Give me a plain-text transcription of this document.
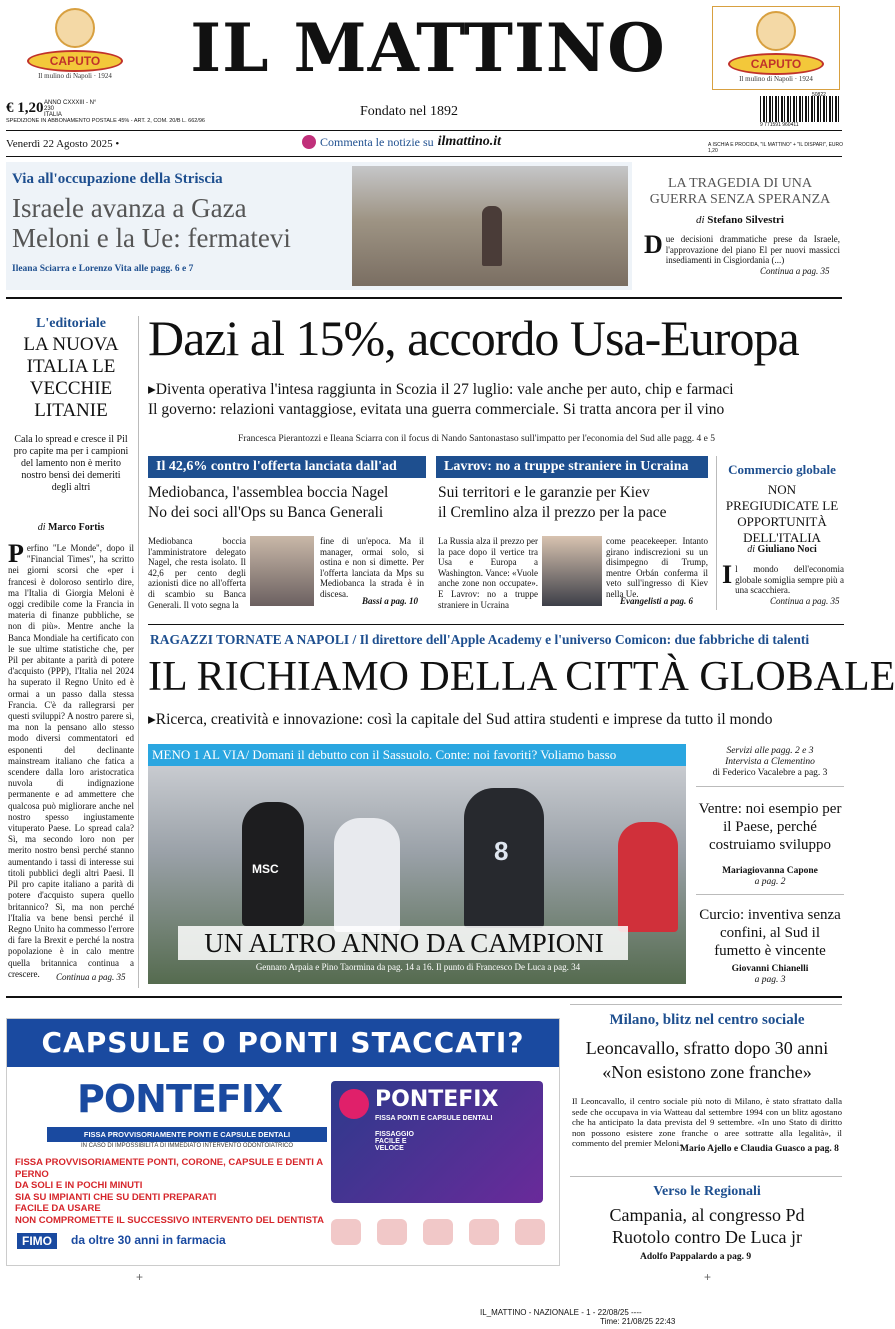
CAPUTO
Il mulino di Napoli · 1924	IL MATTINO	CAPUTO
Il mulino di Napoli · 1924
€ 1,20 ANNO CXXXIII - N° 230
ITALIA
SPEDIZIONE IN ABBONAMENTO POSTALE 45% - ART. 2, COM. 20/B L. 662/96
Fondato nel 1892
9 771591 960411
50822
Venerdì 22 Agosto 2025 •	Commenta le notizie su ilmattino.it	A ISCHIA E PROCIDA, "IL MATTINO" + "IL DISPARI", EURO 1,20
Via all'occupazione della Striscia
Israele avanza a Gaza
Meloni e la Ue: fermatevi
Ileana Sciarra e Lorenzo Vita alle pagg. 6 e 7
LA TRAGEDIA DI UNA GUERRA SENZA SPERANZA
di Stefano Silvestri
Due decisioni drammatiche prese da Israele, l'approvazione del piano El per nuovi massicci insediamenti in Cisgiordania (...)
Continua a pag. 35
L'editoriale
LA NUOVA ITALIA LE VECCHIE LITANIE
Cala lo spread e cresce il Pil pro capite ma per i campioni del lamento non è merito nostro bensì dei demeriti degli altri
di Marco Fortis
Perfino "Le Monde", dopo il "Financial Times", ha scritto nei giorni scorsi che «per i francesi è doloroso sentirlo dire, ma l'Italia di Giorgia Meloni è oggi credibile come la Francia in materia di finanze pubbliche, se non di più». Mentre anche la Banca Mondiale ha certificato con le sue ultime statistiche che, per Pil per abitante a parità di potere d'acquisto (PPP), l'Italia nel 2024 ha superato il Regno Unito ed è ormai a un passo dalla stessa Francia. C'è da rallegrarsi per questi sviluppi? A nostro parere sì, ma non la pensano allo stesso modo diversi commentatori ed esponenti del declinante mainstream italiano che fatica a scendere dalla loro aristocratica nuvola di indignazione permanente e ad ammettere che qualcosa può migliorare anche nel nostro spesso ingiustamente vituperato Paese. Lo spread cala? Sì, ma secondo loro non per merito nostro bensì perché stanno aumentando i tassi di interesse sui titoli pubblici degli altri Paesi. Il Pil pro capite italiano a parità di potere d'acquisto supera quello britannico? Sì, ma non perché l'Italia va bene bensì perché il Regno Unito ha commesso l'errore di fare la Brexit e perché la nostra popolazione è in calo mentre quella britannica continua a crescere.	Continua a pag. 35
Dazi al 15%, accordo Usa-Europa
▸Diventa operativa l'intesa raggiunta in Scozia il 27 luglio: vale anche per auto, chip e farmaci
Il governo: relazioni vantaggiose, evitata una guerra commerciale. Si tratta ancora per il vino
Francesca Pierantozzi e Ileana Sciarra con il focus di Nando Santonastaso sull'impatto per l'economia del Sud alle pagg. 4 e 5
Il 42,6% contro l'offerta lanciata dall'ad
Mediobanca, l'assemblea boccia Nagel
No dei soci all'Ops su Banca Generali
Mediobanca boccia l'amministratore delegato Nagel, che resta isolato. Il 42,6 per cento degli azionisti dice no all'offerta di scambio su Banca Generali. Il voto segna la
fine di un'epoca. Ma il manager, ormai solo, si ostina e non si dimette. Per l'offerta lanciata da Mps su Mediobanca la strada è in discesa.
Bassi a pag. 10
Lavrov: no a truppe straniere in Ucraina
Sui territori e le garanzie per Kiev
il Cremlino alza il prezzo per la pace
La Russia alza il prezzo per la pace dopo il vertice tra Usa e Europa a Washington. Vance: «Vuole anche zone non occupate». E Lavrov: no a truppe straniere in Ucraina
come peacekeeper. Intanto girano indiscrezioni su un disimpegno di Trump, mentre Orbán conferma il veto sull'ingresso di Kiev nella Ue.
Evangelisti a pag. 6
Commercio globale
NON PREGIUDICATE LE OPPORTUNITÀ DELL'ITALIA
di Giuliano Noci
Il mondo dell'economia globale somiglia sempre più a una scacchiera.
Continua a pag. 35
RAGAZZI TORNATE A NAPOLI / Il direttore dell'Apple Academy e l'universo Comicon: due fabbriche di talenti
IL RICHIAMO DELLA CITTÀ GLOBALE
▸Ricerca, creatività e innovazione: così la capitale del Sud attira studenti e imprese da tutto il mondo
MENO 1 AL VIA/ Domani il debutto con il Sassuolo. Conte: noi favoriti? Voliamo basso
MSC
8
UN ALTRO ANNO DA CAMPIONI
Gennaro Arpaia e Pino Taormina da pag. 14 a 16. Il punto di Francesco De Luca a pag. 34
Servizi alle pagg. 2 e 3
Intervista a Clementino
di Federico Vacalebre a pag. 3
Ventre: noi esempio per il Paese, perché costruiamo sviluppo
Mariagiovanna Capone
a pag. 2
Curcio: inventiva senza confini, al Sud il fumetto è vincente
Giovanni Chianelli
a pag. 3
CAPSULE O PONTI STACCATI?
PONTEFIX
FISSA PROVVISORIAMENTE PONTI E CAPSULE DENTALI
IN CASO DI IMPOSSIBILITÀ DI IMMEDIATO INTERVENTO ODONTOIATRICO
FISSA PROVVISORIAMENTE PONTI, CORONE, CAPSULE E DENTI A PERNO
DA SOLI E IN POCHI MINUTI
SIA SU IMPIANTI CHE SU DENTI PREPARATI
FACILE DA USARE
NON COMPROMETTE IL SUCCESSIVO INTERVENTO DEL DENTISTA
FIMO	da oltre 30 anni in farmacia
PONTEFIX
FISSA PONTI E CAPSULE DENTALI
FISSAGGIO FACILE E VELOCE
Milano, blitz nel centro sociale
Leoncavallo, sfratto dopo 30 anni
«Non esistono zone franche»
Il Leoncavallo, il centro sociale più noto di Milano, è stato sfrattato dalla sede che occupava in via Watteau dal settembre 1994 con un blitz agostano che ha anticipato la data prevista del 9 settembre. «In uno Stato di diritto non possono esistere zone franche o aree sottratte alla legalità», il commento del premier Meloni.
Mario Ajello e Claudia Guasco a pag. 8
Verso le Regionali
Campania, al congresso Pd
Ruotolo contro De Luca jr
Adolfo Pappalardo a pag. 9
+	+
IL_MATTINO - NAZIONALE - 1 - 22/08/25 ----
Time: 21/08/25 22:43
